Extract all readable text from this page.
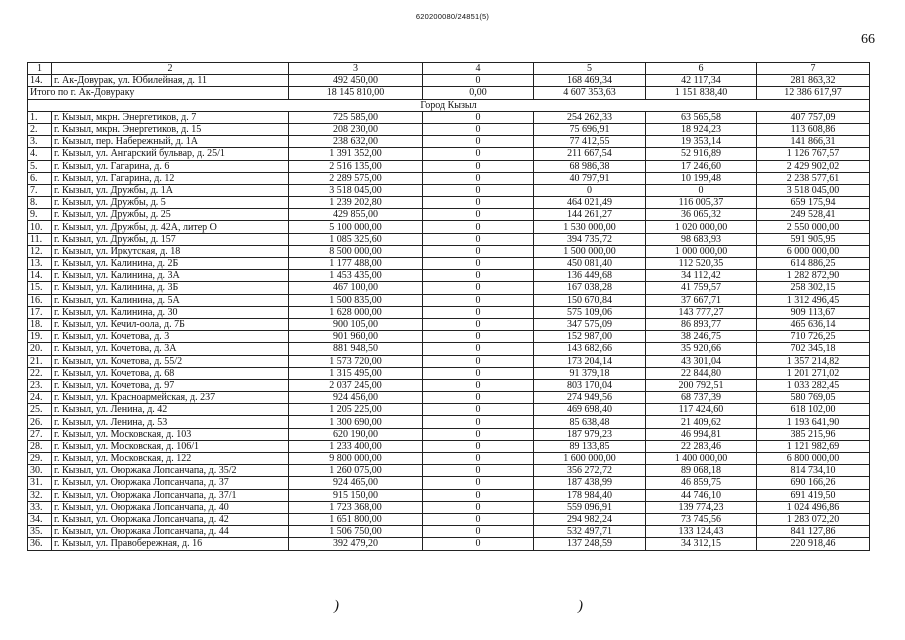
620200080/24851(5)
66
1	2	3	4	5	6	7
14.	г. Ак-Довурак, ул. Юбилейная, д. 11	492 450,00	0	168 469,34	42 117,34	281 863,32
Итого по г. Ак-Довураку		18 145 810,00	0,00	4 607 353,63	1 151 838,40	12 386 617,97
Город Кызыл						
1.	г. Кызыл, мкрн. Энергетиков, д. 7	725 585,00	0	254 262,33	63 565,58	407 757,09
2.	г. Кызыл, мкрн. Энергетиков, д. 15	208 230,00	0	75 696,91	18 924,23	113 608,86
3.	г. Кызыл, пер. Набережный, д. 1А	238 632,00	0	77 412,55	19 353,14	141 866,31
4.	г. Кызыл, ул. Ангарский бульвар, д. 25/1	1 391 352,00	0	211 667,54	52 916,89	1 126 767,57
5.	г. Кызыл, ул. Гагарина, д. 6	2 516 135,00	0	68 986,38	17 246,60	2 429 902,02
6.	г. Кызыл, ул. Гагарина, д. 12	2 289 575,00	0	40 797,91	10 199,48	2 238 577,61
7.	г. Кызыл, ул. Дружбы, д. 1А	3 518 045,00	0	0	0	3 518 045,00
8.	г. Кызыл, ул. Дружбы, д. 5	1 239 202,80	0	464 021,49	116 005,37	659 175,94
9.	г. Кызыл, ул. Дружбы, д. 25	429 855,00	0	144 261,27	36 065,32	249 528,41
10.	г. Кызыл, ул. Дружбы, д. 42А, литер О	5 100 000,00	0	1 530 000,00	1 020 000,00	2 550 000,00
11.	г. Кызыл, ул. Дружбы, д. 157	1 085 325,60	0	394 735,72	98 683,93	591 905,95
12.	г. Кызыл, ул. Иркутская, д. 18	8 500 000,00	0	1 500 000,00	1 000 000,00	6 000 000,00
13.	г. Кызыл, ул. Калинина, д. 2Б	1 177 488,00	0	450 081,40	112 520,35	614 886,25
14.	г. Кызыл, ул. Калинина, д. 3А	1 453 435,00	0	136 449,68	34 112,42	1 282 872,90
15.	г. Кызыл, ул. Калинина, д. 3Б	467 100,00	0	167 038,28	41 759,57	258 302,15
16.	г. Кызыл, ул. Калинина, д. 5А	1 500 835,00	0	150 670,84	37 667,71	1 312 496,45
17.	г. Кызыл, ул. Калинина, д. 30	1 628 000,00	0	575 109,06	143 777,27	909 113,67
18.	г. Кызыл, ул. Кечил-оола, д. 7Б	900 105,00	0	347 575,09	86 893,77	465 636,14
19.	г. Кызыл, ул. Кочетова, д. 3	901 960,00	0	152 987,00	38 246,75	710 726,25
20.	г. Кызыл, ул. Кочетова, д. 3А	881 948,50	0	143 682,66	35 920,66	702 345,18
21.	г. Кызыл, ул. Кочетова, д. 55/2	1 573 720,00	0	173 204,14	43 301,04	1 357 214,82
22.	г. Кызыл, ул. Кочетова, д. 68	1 315 495,00	0	91 379,18	22 844,80	1 201 271,02
23.	г. Кызыл, ул. Кочетова, д. 97	2 037 245,00	0	803 170,04	200 792,51	1 033 282,45
24.	г. Кызыл, ул. Красноармейская, д. 237	924 456,00	0	274 949,56	68 737,39	580 769,05
25.	г. Кызыл, ул. Ленина, д. 42	1 205 225,00	0	469 698,40	117 424,60	618 102,00
26.	г. Кызыл, ул. Ленина, д. 53	1 300 690,00	0	85 638,48	21 409,62	1 193 641,90
27.	г. Кызыл, ул. Московская, д. 103	620 190,00	0	187 979,23	46 994,81	385 215,96
28.	г. Кызыл, ул. Московская, д. 106/1	1 233 400,00	0	89 133,85	22 283,46	1 121 982,69
29.	г. Кызыл, ул. Московская, д. 122	9 800 000,00	0	1 600 000,00	1 400 000,00	6 800 000,00
30.	г. Кызыл, ул. Оюржака Лопсанчапа, д. 35/2	1 260 075,00	0	356 272,72	89 068,18	814 734,10
31.	г. Кызыл, ул. Оюржака Лопсанчапа, д. 37	924 465,00	0	187 438,99	46 859,75	690 166,26
32.	г. Кызыл, ул. Оюржака Лопсанчапа, д. 37/1	915 150,00	0	178 984,40	44 746,10	691 419,50
33.	г. Кызыл, ул. Оюржака Лопсанчапа, д. 40	1 723 368,00	0	559 096,91	139 774,23	1 024 496,86
34.	г. Кызыл, ул. Оюржака Лопсанчапа, д. 42	1 651 800,00	0	294 982,24	73 745,56	1 283 072,20
35.	г. Кызыл, ул. Оюржака Лопсанчапа, д. 44	1 506 750,00	0	532 497,71	133 124,43	841 127,86
36.	г. Кызыл, ул. Правобережная, д. 16	392 479,20	0	137 248,59	34 312,15	220 918,46
)	)
